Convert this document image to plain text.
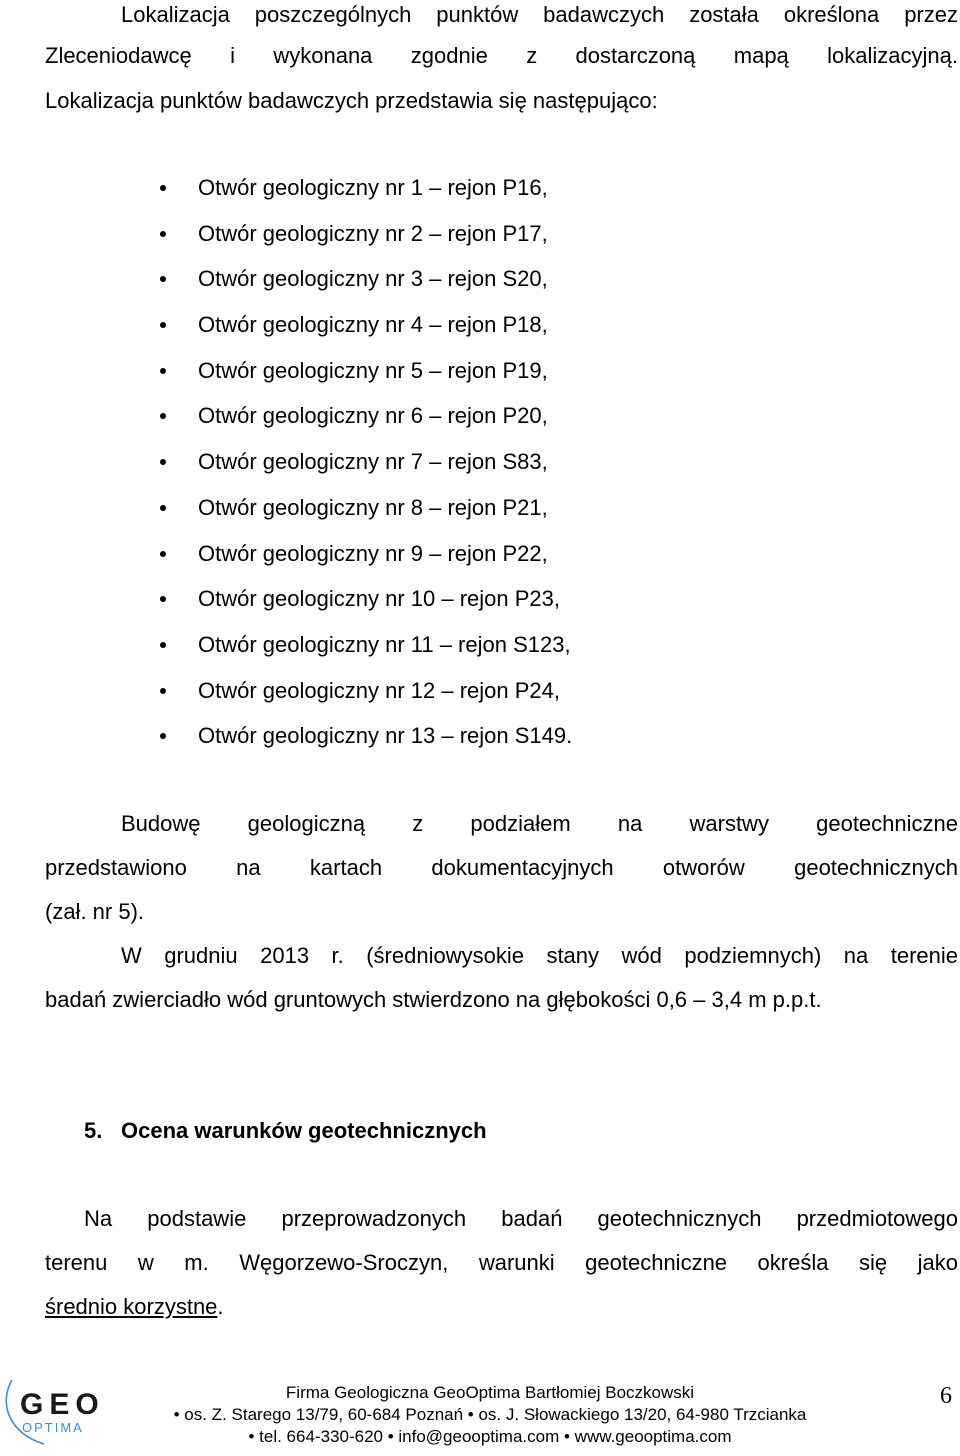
Lokalizacja poszczególnych punktów badawczych została określona przez
Zleceniodawcę i wykonana zgodnie z dostarczoną mapą lokalizacyjną.
Lokalizacja punktów badawczych przedstawia się następująco:
Otwór geologiczny nr 1 – rejon P16,
Otwór geologiczny nr 2 – rejon P17,
Otwór geologiczny nr 3 – rejon S20,
Otwór geologiczny nr 4 – rejon P18,
Otwór geologiczny nr 5 – rejon P19,
Otwór geologiczny nr 6 – rejon P20,
Otwór geologiczny nr 7 – rejon S83,
Otwór geologiczny nr 8 – rejon P21,
Otwór geologiczny nr 9 – rejon P22,
Otwór geologiczny nr 10 – rejon P23,
Otwór geologiczny nr 11 – rejon S123,
Otwór geologiczny nr 12 – rejon P24,
Otwór geologiczny nr 13 – rejon S149.
Budowę geologiczną z podziałem na warstwy geotechniczne
przedstawiono na kartach dokumentacyjnych otworów geotechnicznych
(zał. nr 5).
W grudniu 2013 r. (średniowysokie stany wód podziemnych) na terenie
badań zwierciadło wód gruntowych stwierdzono na głębokości 0,6 – 3,4 m p.p.t.
5. Ocena warunków geotechnicznych
Na podstawie przeprowadzonych badań geotechnicznych przedmiotowego
terenu w m. Węgorzewo-Sroczyn, warunki geotechniczne określa się jako
średnio korzystne.
GEO
OPTIMA
Firma Geologiczna GeoOptima Bartłomiej Boczkowski
• os. Z. Starego 13/79, 60-684 Poznań • os. J. Słowackiego 13/20, 64-980 Trzcianka
• tel. 664-330-620 • info@geooptima.com • www.geooptima.com
6
